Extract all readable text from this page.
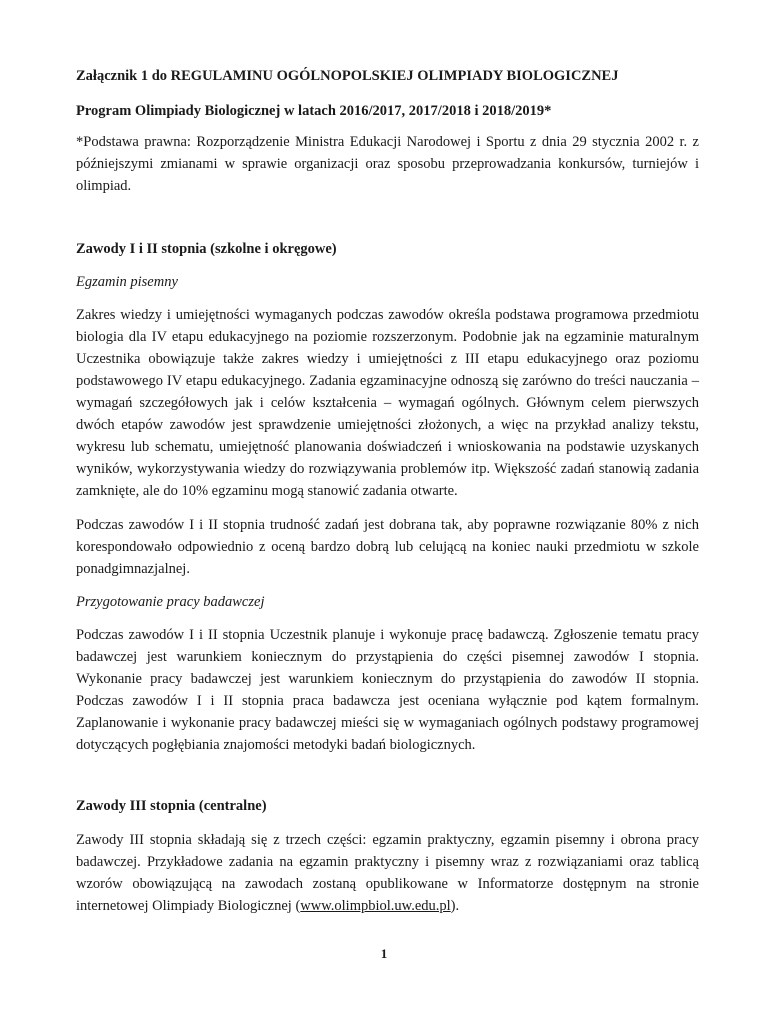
Załącznik 1 do REGULAMINU OGÓLNOPOLSKIEJ OLIMPIADY BIOLOGICZNEJ
Program Olimpiady Biologicznej w latach 2016/2017, 2017/2018 i 2018/2019*

*Podstawa prawna: Rozporządzenie Ministra Edukacji Narodowej i Sportu z dnia 29 stycznia 2002 r. z późniejszymi zmianami w sprawie organizacji oraz sposobu przeprowadzania konkursów, turniejów i olimpiad.

Zawody I i II stopnia (szkolne i okręgowe)
Egzamin pisemny

Zakres wiedzy i umiejętności wymaganych podczas zawodów określa podstawa programowa przedmiotu biologia dla IV etapu edukacyjnego na poziomie rozszerzonym. Podobnie jak na egzaminie maturalnym Uczestnika obowiązuje także zakres wiedzy i umiejętności z III etapu edukacyjnego oraz poziomu podstawowego IV etapu edukacyjnego. Zadania egzaminacyjne odnoszą się zarówno do treści nauczania – wymagań szczegółowych jak i celów kształcenia – wymagań ogólnych. Głównym celem pierwszych dwóch etapów zawodów jest sprawdzenie umiejętności złożonych, a więc na przykład analizy tekstu, wykresu lub schematu, umiejętność planowania doświadczeń i wnioskowania na podstawie uzyskanych wyników, wykorzystywania wiedzy do rozwiązywania problemów itp. Większość zadań stanowią zadania zamknięte, ale do 10% egzaminu mogą stanowić zadania otwarte.

Podczas zawodów I i II stopnia trudność zadań jest dobrana tak, aby poprawne rozwiązanie 80% z nich korespondowało odpowiednio z oceną bardzo dobrą lub celującą na koniec nauki przedmiotu w szkole ponadgimnazjalnej.

Przygotowanie pracy badawczej

Podczas zawodów I i II stopnia Uczestnik planuje i wykonuje pracę badawczą. Zgłoszenie tematu pracy badawczej jest warunkiem koniecznym do przystąpienia do części pisemnej zawodów I stopnia. Wykonanie pracy badawczej jest warunkiem koniecznym do przystąpienia do zawodów II stopnia. Podczas zawodów I i II stopnia praca badawcza jest oceniana wyłącznie pod kątem formalnym. Zaplanowanie i wykonanie pracy badawczej mieści się w wymaganiach ogólnych podstawy programowej dotyczących pogłębiania znajomości metodyki badań biologicznych.

Zawody III stopnia (centralne)

Zawody III stopnia składają się z trzech części: egzamin praktyczny, egzamin pisemny i obrona pracy badawczej. Przykładowe zadania na egzamin praktyczny i pisemny wraz z rozwiązaniami oraz tablicą wzorów obowiązującą na zawodach zostaną opublikowane w Informatorze dostępnym na stronie internetowej Olimpiady Biologicznej (www.olimpbiol.uw.edu.pl).

1
